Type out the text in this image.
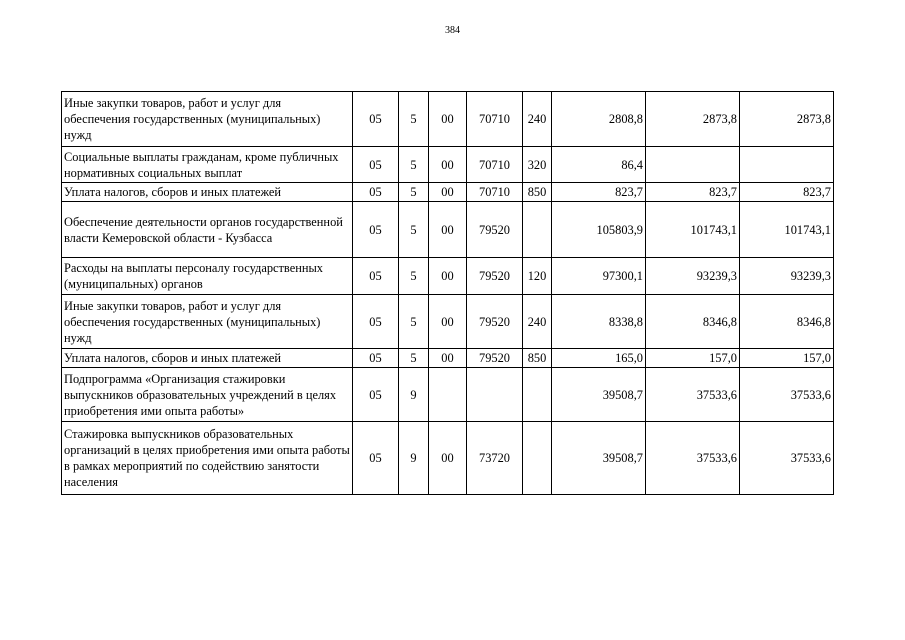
384
Иные закупки товаров, работ и услуг для обеспечения государственных (муниципальных) нужд	05	5	00	70710	240	2808,8	2873,8	2873,8
Социальные выплаты гражданам, кроме публичных нормативных социальных выплат	05	5	00	70710	320	86,4		
Уплата налогов, сборов и иных платежей	05	5	00	70710	850	823,7	823,7	823,7
Обеспечение деятельности органов государственной власти Кемеровской области - Кузбасса	05	5	00	79520		105803,9	101743,1	101743,1
Расходы на выплаты персоналу государственных (муниципальных) органов	05	5	00	79520	120	97300,1	93239,3	93239,3
Иные закупки товаров, работ и услуг для обеспечения государственных (муниципальных) нужд	05	5	00	79520	240	8338,8	8346,8	8346,8
Уплата налогов, сборов и иных платежей	05	5	00	79520	850	165,0	157,0	157,0
Подпрограмма «Организация стажировки выпускников образовательных учреждений в целях приобретения ими опыта работы»	05	9				39508,7	37533,6	37533,6
Стажировка выпускников образовательных организаций в целях приобретения ими опыта работы в рамках мероприятий по содействию занятости населения	05	9	00	73720		39508,7	37533,6	37533,6
